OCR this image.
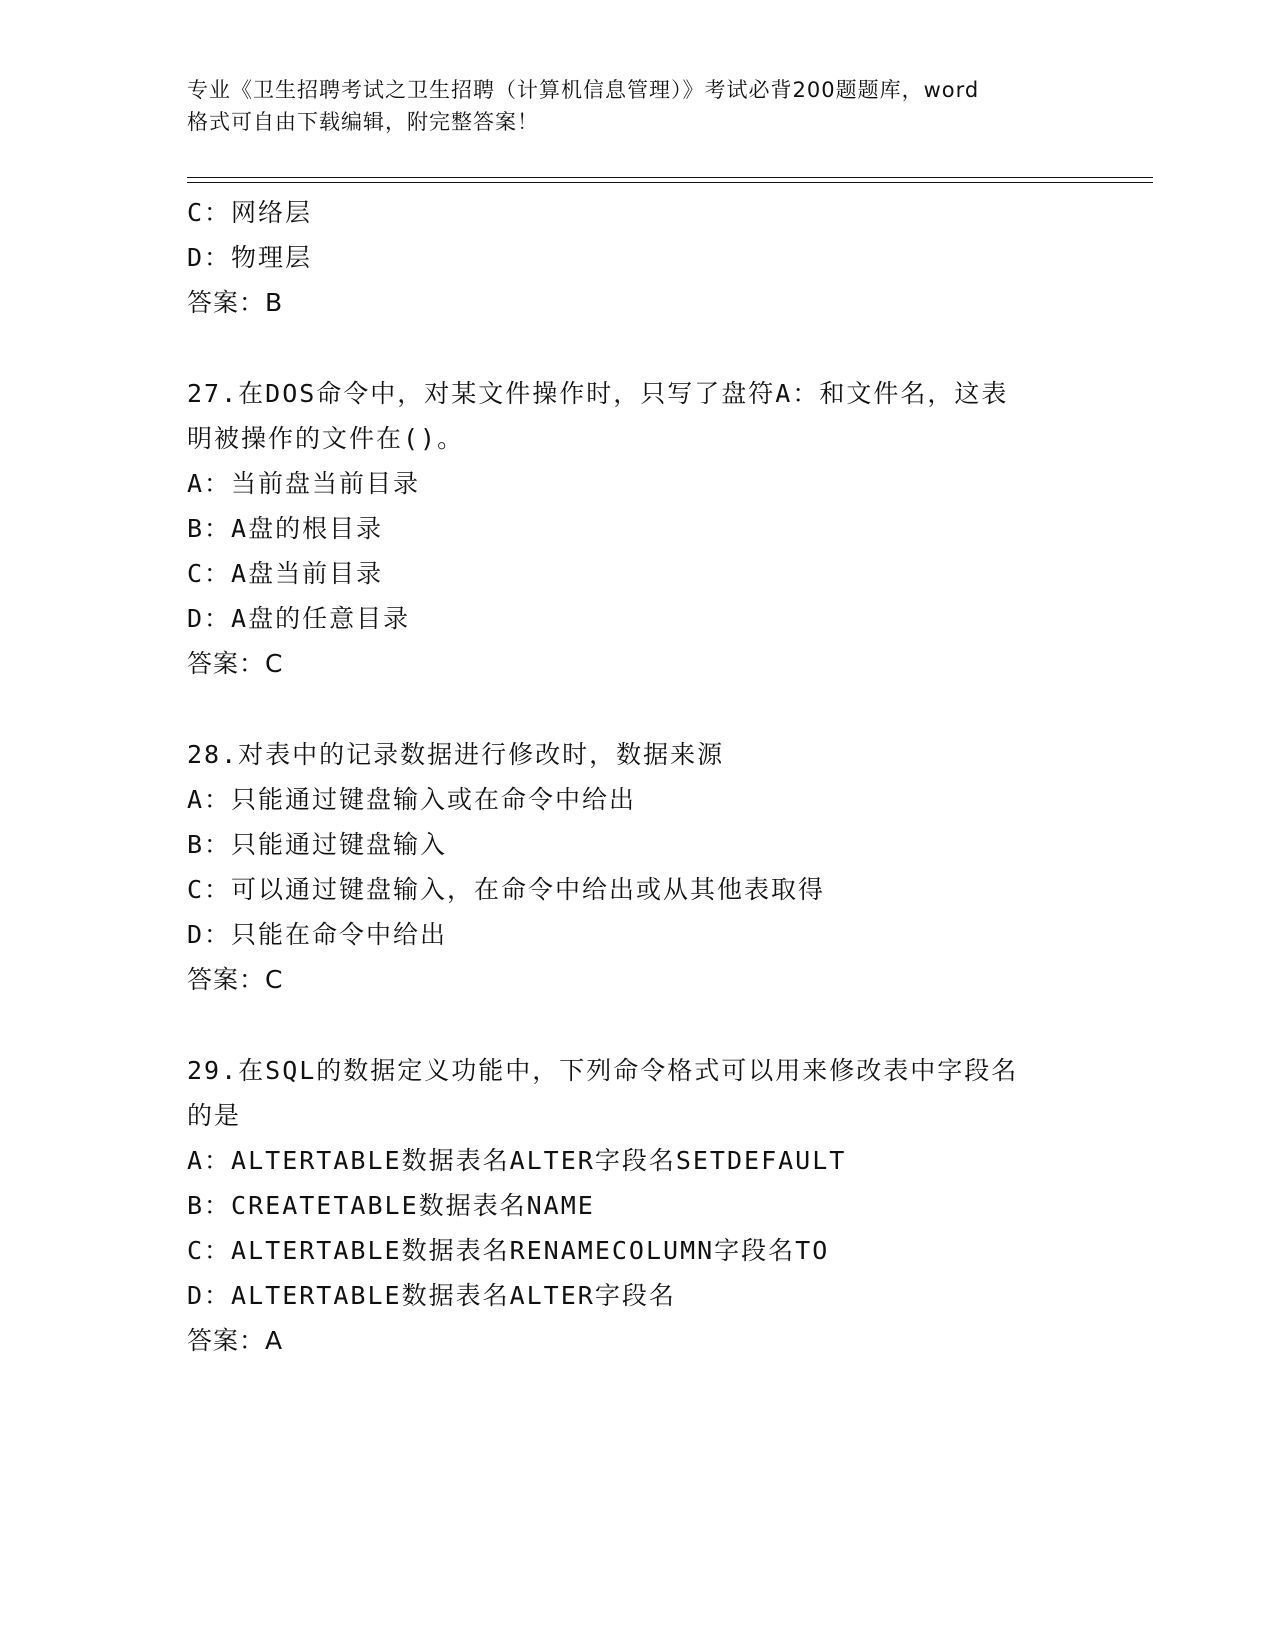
专业《卫生招聘考试之卫生招聘（计算机信息管理）》考试必背200题题库，word
格式可自由下载编辑，附完整答案！
C：网络层
D：物理层
答案：B
27.在DOS命令中，对某文件操作时，只写了盘符A：和文件名，这表
明被操作的文件在()。
A：当前盘当前目录
B：A盘的根目录
C：A盘当前目录
D：A盘的任意目录
答案：C
28.对表中的记录数据进行修改时，数据来源
A：只能通过键盘输入或在命令中给出
B：只能通过键盘输入
C：可以通过键盘输入，在命令中给出或从其他表取得
D：只能在命令中给出
答案：C
29.在SQL的数据定义功能中，下列命令格式可以用来修改表中字段名
的是
A：ALTERTABLE数据表名ALTER字段名SETDEFAULT
B：CREATETABLE数据表名NAME
C：ALTERTABLE数据表名RENAMECOLUMN字段名TO
D：ALTERTABLE数据表名ALTER字段名
答案：A
